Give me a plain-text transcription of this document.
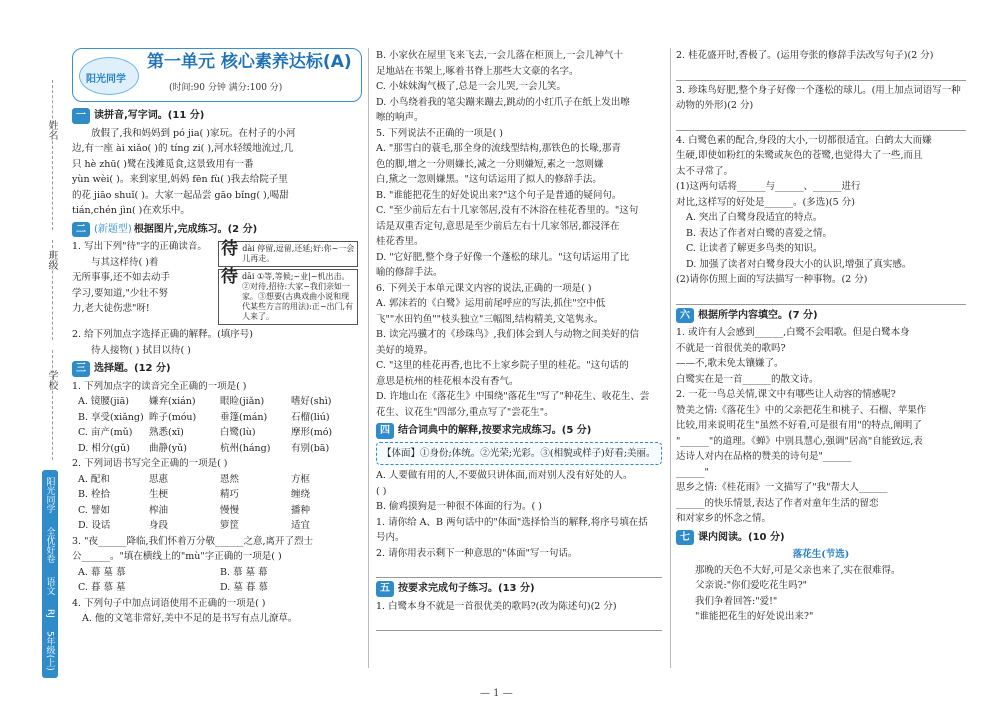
姓名
班级
学校
阳光同学
全优好卷
语文
RJ
5年级(上)
阳光同学
第一单元 核心素养达标(A)
(时间:90 分钟 满分:100 分)
一 读拼音,写字词。(11 分)

放假了,我和妈妈到 pó jia( )家玩。在村子的小河

边,有一座 ài xiǎo( )的 tíng zi( ),河水轻缓地流过,几

只 hè zhū( )鹭在浅滩觅食,这景致用有一番

yùn wèi( )。来到家里,妈妈 fēn fù( )我去给院子里

的花 jiāo shuǐ( )。大家一起品尝 gāo bǐng( ),喝甜

tián,chén jìn( )在欢乐中。

二 (新题型) 根据图片,完成练习。(2 分)

1. 写出下列"待"字的正确读音。

与其这样待( )着

无所事事,还不如去动手

学习,要知道,"少壮不努

力,老大徒伤悲"呀!

待 dài 停留,逗留,还延;好:你~一会儿再走。
待 dāi ①等,等候;~业|~机出击。②对待,招待:大家~我们亲如一家。③想要(古典戏曲小说和现代某些方言的用法):正~出门,有人来了。

2. 给下列加点字选择正确的解释。(填序号)

待人接物( ) 拭目以待( )

三 选择题。(12 分)

1. 下列加点字的读音完全正确的一项是( )

A. 镜腰(jiā)	嫌弃(xián)	眼睑(jiǎn)	嗜好(shì)
B. 享受(xiǎng) 眸子(móu)	垂篷(mán)	石榴(liú)
C. 亩产(mǔ)	熟悉(xī)	白鹭(lù)	摩形(mó)
D. 相分(gǔ)	曲静(yǔ)	杭州(háng)	有别(bā)

2. 下列词语书写完全正确的一项是( )

A. 配和	思惠	恩然	方框
B. 栓拾	生梗	精巧	缠绕
C. 譬如	榨油	慢慢	播种
D. 设话	身段	箩筐	适宜

3. "夜______降临,我们怀着万分敬______之意,离开了烈士

公______。"填在横线上的"mù"字正确的一项是( )

A. 幕 墓 慕	B. 慕 墓 幕
C. 暮 慕 墓	D. 墓 暮 慕

4. 下列句子中加点词语使用不正确的一项是( )

A. 他的文笔非常好,美中不足的是书写有点儿潦草。

B. 小家伙在屋里飞来飞去,一会儿落在柜顶上,一会儿神气十

足地站在书架上,啄着书脊上那些大文豪的名字。

C. 小妹妹淘气极了,总是一会儿哭,一会儿笑。

D. 小鸟绕着我的笔尖蹦来蹦去,跳动的小红爪子在纸上发出嚓

嚓的响声。

5. 下列说法不正确的一项是( )

A. "那雪白的蓑毛,那全身的流线型结构,那铁色的长喙,那青

色的脚,增之一分则嫌长,减之一分则嫌短,素之一忽则嫌

白,黛之一忽则嫌黑。"这句话运用了拟人的修辞手法。

B. "谁能把花生的好处说出来?"这个句子是普通的疑问句。

C. "至少前后左右十几家邻居,没有不沐浴在桂花香里的。"这句

话是双重否定句,意思是至少前后左右十几家邻居,都浸泽在

桂花香里。

D. "它好肥,整个身子好像一个蓬松的球儿。"这句话运用了比

喻的修辞手法。

6. 下列关于本单元课文内容的说法,正确的一项是( )

A. 郭沫若的《白鹭》运用前尾呼应的写法,抓住"空中低

飞""水田钓鱼""枝头独立"三幅图,结构精美,文笔隽永。

B. 读完冯骥才的《珍珠鸟》,我们体会到人与动物之间美好的信

美好的境界。

C. "这里的桂花再香,也比不上家乡院子里的桂花。"这句话的

意思是杭州的桂花根本没有香气。

D. 许地山在《落花生》中围绕"落花生"写了"种花生、收花生、尝

花生、议花生"四部分,重点写了"尝花生"。

四 结合词典中的解释,按要求完成练习。(5 分)
【体面】①身份;体统。②光荣;光彩。③(相貌或样子)好看;美丽。

A. 人要做有用的人,不要做只讲体面,而对别人没有好处的人。

( )

B. 偷鸡摸狗是一种很不体面的行为。( )

1. 请你给 A、B 两句话中的"体面"选择恰当的解释,将序号填在括

号内。

2. 请你用表示剩下一种意思的"体面"写一句话。

五 按要求完成句子练习。(13 分)

1. 白鹭本身不就是一首很优美的歌吗?(改为陈述句)(2 分)

2. 桂花盛开时,香极了。(运用夸张的修辞手法改写句子)(2 分)

3. 珍珠鸟好肥,整个身子好像一个蓬松的球儿。(用上加点词语写一种动物的外形)(2 分)

4. 白鹭色素的配合,身段的大小,一切都很适宜。白鹤太大而嫌

生硬,即使如粉红的朱鹭或灰色的苍鹭,也觉得大了一些,而且

太不寻常了。

(1)这两句话将______与______、______进行

对比,这样写的好处是______。(多选)(5 分)

A. 突出了白鹭身段适宜的特点。

B. 表达了作者对白鹭的喜爱之情。

C. 让读者了解更多鸟类的知识。

D. 加强了读者对白鹭身段大小的认识,增强了真实感。

(2)请你仿照上面的写法描写一种事物。(2 分)

六 根据所学内容填空。(7 分)

1. 或许有人会感到______,白鹭不会唱歌。但是白鹭本身

不就是一首很优美的歌吗?

——不,歌未免太镶嫌了。

白鹭实在是一首______的散文诗。

2. 一花一鸟总关情,课文中有哪些让人动容的情感呢?

赞美之情:《落花生》中的父亲把花生和桃子、石榴、苹果作

比较,用来说明花生"虽然不好看,可是很有用"的特点,阐明了

"______"的道理。《蝉》中别具慧心,强调"居高"自能致远,表

达诗人对内在品格的赞美的诗句是"______

______"

思乡之情:《桂花雨》一文描写了"我"帮大人______

______的快乐情景,表达了作者对童年生活的留恋

和对家乡的怀念之情。

七 课内阅读。(10 分)

落花生(节选)

那晚的天色不大好,可是父亲也来了,实在很难得。

父亲说:"你们爱吃花生吗?"

我们争着回答:"爱!"

"谁能把花生的好处说出来?"

— 1 —
